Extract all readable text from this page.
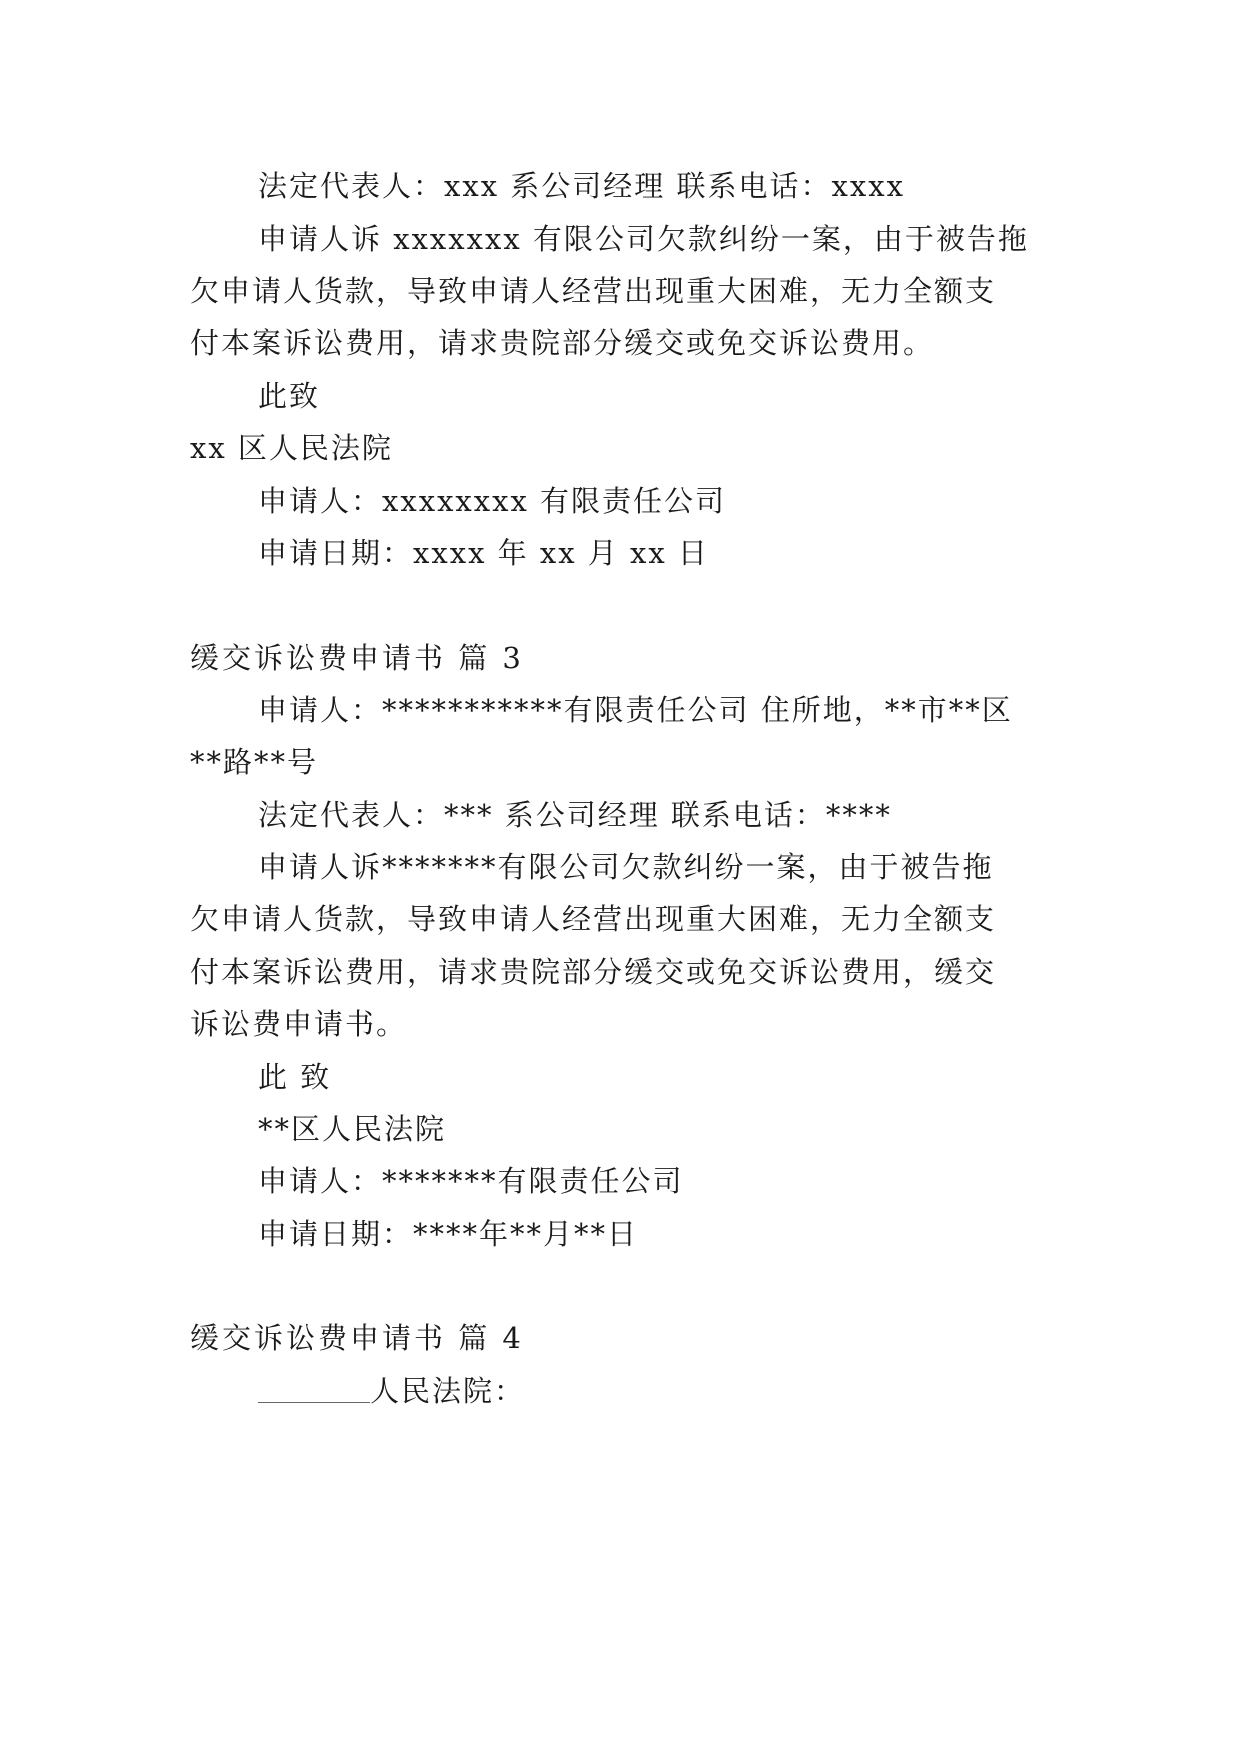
法定代表人：xxx 系公司经理 联系电话：xxxx
申请人诉 xxxxxxx 有限公司欠款纠纷一案，由于被告拖
欠申请人货款，导致申请人经营出现重大困难，无力全额支
付本案诉讼费用，请求贵院部分缓交或免交诉讼费用。
此致
xx 区人民法院
申请人：xxxxxxxx 有限责任公司
申请日期：xxxx 年 xx 月 xx 日
缓交诉讼费申请书 篇 3
申请人：***********有限责任公司 住所地，**市**区
**路**号
法定代表人：*** 系公司经理 联系电话：****
申请人诉*******有限公司欠款纠纷一案，由于被告拖
欠申请人货款，导致申请人经营出现重大困难，无力全额支
付本案诉讼费用，请求贵院部分缓交或免交诉讼费用，缓交
诉讼费申请书。
此 致
**区人民法院
申请人：*******有限责任公司
申请日期：****年**月**日
缓交诉讼费申请书 篇 4
人民法院：
